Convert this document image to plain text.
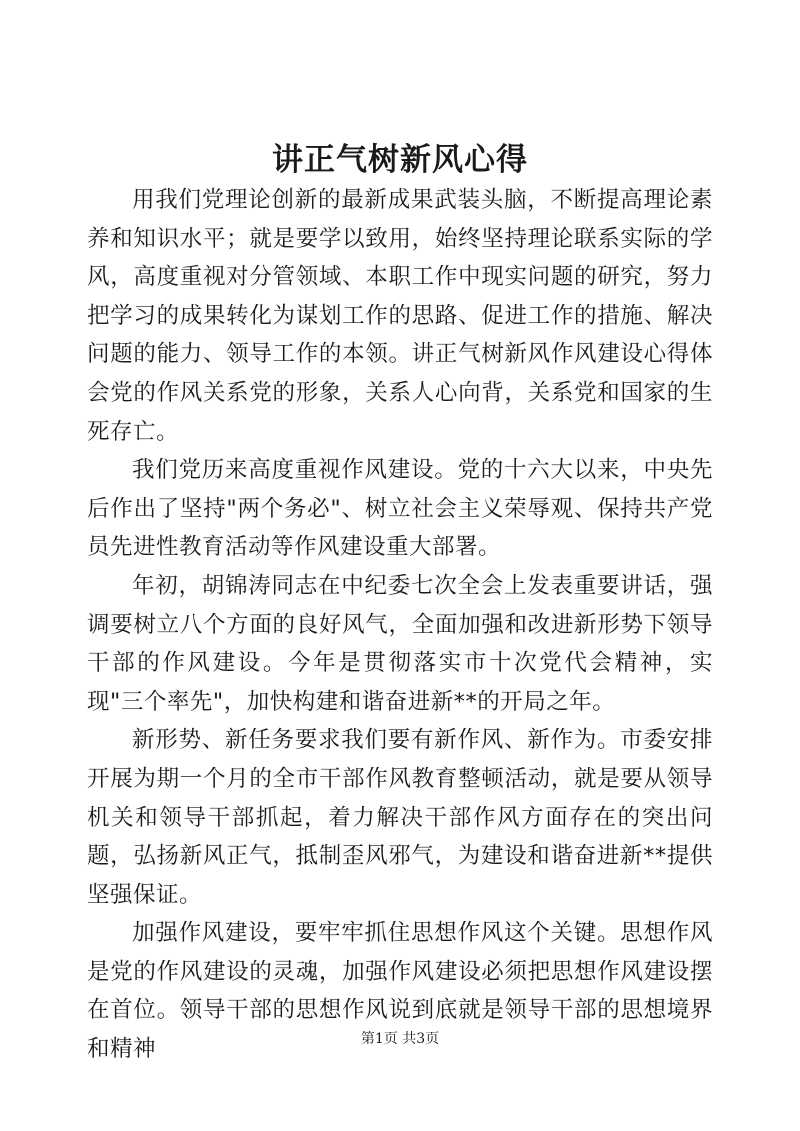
讲正气树新风心得

用我们党理论创新的最新成果武装头脑，不断提高理论素养和知识水平；就是要学以致用，始终坚持理论联系实际的学风，高度重视对分管领域、本职工作中现实问题的研究，努力把学习的成果转化为谋划工作的思路、促进工作的措施、解决问题的能力、领导工作的本领。讲正气树新风作风建设心得体会党的作风关系党的形象，关系人心向背，关系党和国家的生死存亡。

我们党历来高度重视作风建设。党的十六大以来，中央先后作出了坚持"两个务必"、树立社会主义荣辱观、保持共产党员先进性教育活动等作风建设重大部署。

年初，胡锦涛同志在中纪委七次全会上发表重要讲话，强调要树立八个方面的良好风气，全面加强和改进新形势下领导干部的作风建设。今年是贯彻落实市十次党代会精神，实现"三个率先"，加快构建和谐奋进新**的开局之年。

新形势、新任务要求我们要有新作风、新作为。市委安排开展为期一个月的全市干部作风教育整顿活动，就是要从领导机关和领导干部抓起，着力解决干部作风方面存在的突出问题，弘扬新风正气，抵制歪风邪气，为建设和谐奋进新**提供坚强保证。

加强作风建设，要牢牢抓住思想作风这个关键。思想作风是党的作风建设的灵魂，加强作风建设必须把思想作风建设摆在首位。领导干部的思想作风说到底就是领导干部的思想境界和精神	第1页 共3页
